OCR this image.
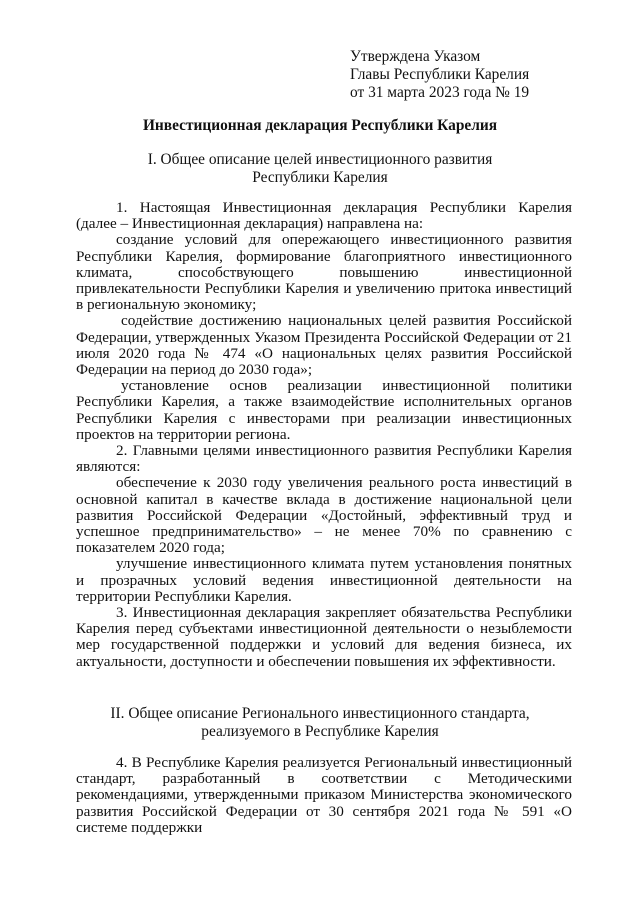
Утверждена Указом
Главы Республики Карелия
от 31 марта 2023 года № 19
Инвестиционная декларация Республики Карелия
I. Общее описание целей инвестиционного развития
Республики Карелия

1. Настоящая Инвестиционная декларация Республики Карелия (далее – Инвестиционная декларация) направлена на:

создание условий для опережающего инвестиционного развития Республики Карелия, формирование благоприятного инвестиционного климата, способствующего повышению инвестиционной привлекательности Республики Карелия и увеличению притока инвестиций в региональную экономику;

содействие достижению национальных целей развития Российской Федерации, утвержденных Указом Президента Российской Федерации от 21 июля 2020 года № 474 «О национальных целях развития Российской Федерации на период до 2030 года»;

установление основ реализации инвестиционной политики Республики Карелия, а также взаимодействие исполнительных органов Республики Карелия с инвесторами при реализации инвестиционных проектов на территории региона.

2. Главными целями инвестиционного развития Республики Карелия являются:

обеспечение к 2030 году увеличения реального роста инвестиций в основной капитал в качестве вклада в достижение национальной цели развития Российской Федерации «Достойный, эффективный труд и успешное предпринимательство» – не менее 70% по сравнению с показателем 2020 года;

улучшение инвестиционного климата путем установления понятных и прозрачных условий ведения инвестиционной деятельности на территории Республики Карелия.

3. Инвестиционная декларация закрепляет обязательства Республики Карелия перед субъектами инвестиционной деятельности о незыблемости мер государственной поддержки и условий для ведения бизнеса, их актуальности, доступности и обеспечении повышения их эффективности.

II. Общее описание Регионального инвестиционного стандарта,
реализуемого в Республике Карелия

4. В Республике Карелия реализуется Региональный инвестиционный стандарт, разработанный в соответствии с Методическими рекомендациями, утвержденными приказом Министерства экономического развития Российской Федерации от 30 сентября 2021 года № 591 «О системе поддержки
